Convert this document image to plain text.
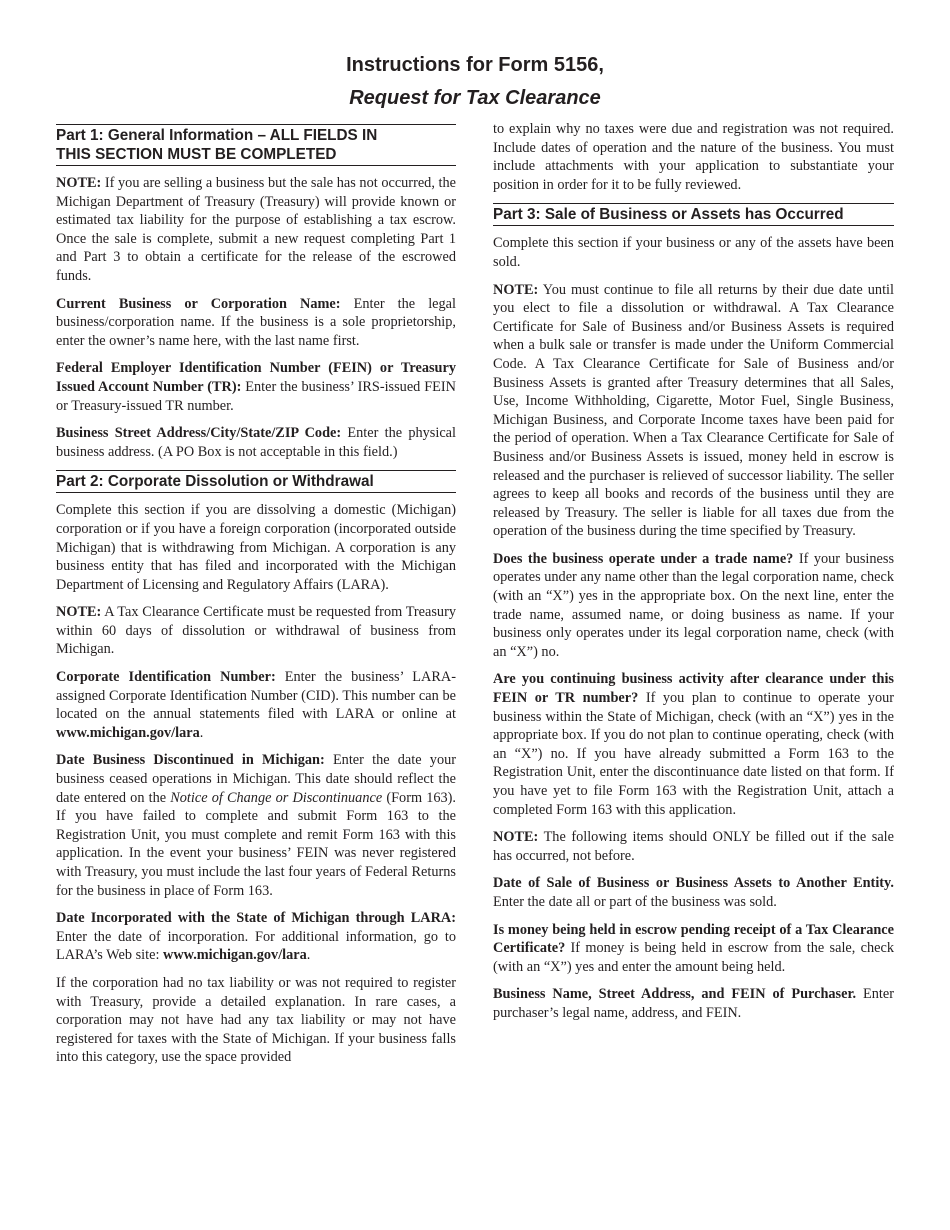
Instructions for Form 5156,
Request for Tax Clearance
Part 1: General Information – ALL FIELDS IN
THIS SECTION MUST BE COMPLETED

NOTE: If you are selling a business but the sale has not occurred, the Michigan Department of Treasury (Treasury) will provide known or estimated tax liability for the purpose of establishing a tax escrow. Once the sale is complete, submit a new request completing Part 1 and Part 3 to obtain a certificate for the release of the escrowed funds.

Current Business or Corporation Name: Enter the legal business/corporation name. If the business is a sole proprietorship, enter the owner’s name here, with the last name first.

Federal Employer Identification Number (FEIN) or Treasury Issued Account Number (TR): Enter the business’ IRS-issued FEIN or Treasury-issued TR number.

Business Street Address/City/State/ZIP Code: Enter the physical business address. (A PO Box is not acceptable in this field.)

Part 2: Corporate Dissolution or Withdrawal

Complete this section if you are dissolving a domestic (Michigan) corporation or if you have a foreign corporation (incorporated outside Michigan) that is withdrawing from Michigan. A corporation is any business entity that has filed and incorporated with the Michigan Department of Licensing and Regulatory Affairs (LARA).

NOTE: A Tax Clearance Certificate must be requested from Treasury within 60 days of dissolution or withdrawal of business from Michigan.

Corporate Identification Number: Enter the business’ LARA-assigned Corporate Identification Number (CID). This number can be located on the annual statements filed with LARA or online at www.michigan.gov/lara.

Date Business Discontinued in Michigan: Enter the date your business ceased operations in Michigan. This date should reflect the date entered on the Notice of Change or Discontinuance (Form 163). If you have failed to complete and submit Form 163 to the Registration Unit, you must complete and remit Form 163 with this application. In the event your business’ FEIN was never registered with Treasury, you must include the last four years of Federal Returns for the business in place of Form 163.

Date Incorporated with the State of Michigan through LARA: Enter the date of incorporation. For additional information, go to LARA’s Web site: www.michigan.gov/lara.

If the corporation had no tax liability or was not required to register with Treasury, provide a detailed explanation. In rare cases, a corporation may not have had any tax liability or may not have registered for taxes with the State of Michigan. If your business falls into this category, use the space provided

to explain why no taxes were due and registration was not required. Include dates of operation and the nature of the business. You must include attachments with your application to substantiate your position in order for it to be fully reviewed.

Part 3: Sale of Business or Assets has Occurred

Complete this section if your business or any of the assets have been sold.

NOTE: You must continue to file all returns by their due date until you elect to file a dissolution or withdrawal. A Tax Clearance Certificate for Sale of Business and/or Business Assets is required when a bulk sale or transfer is made under the Uniform Commercial Code. A Tax Clearance Certificate for Sale of Business and/or Business Assets is granted after Treasury determines that all Sales, Use, Income Withholding, Cigarette, Motor Fuel, Single Business, Michigan Business, and Corporate Income taxes have been paid for the period of operation. When a Tax Clearance Certificate for Sale of Business and/or Business Assets is issued, money held in escrow is released and the purchaser is relieved of successor liability. The seller agrees to keep all books and records of the business until they are released by Treasury. The seller is liable for all taxes due from the operation of the business during the time specified by Treasury.

Does the business operate under a trade name? If your business operates under any name other than the legal corporation name, check (with an “X”) yes in the appropriate box. On the next line, enter the trade name, assumed name, or doing business as name. If your business only operates under its legal corporation name, check (with an “X”) no.

Are you continuing business activity after clearance under this FEIN or TR number? If you plan to continue to operate your business within the State of Michigan, check (with an “X”) yes in the appropriate box. If you do not plan to continue operating, check (with an “X”) no. If you have already submitted a Form 163 to the Registration Unit, enter the discontinuance date listed on that form. If you have yet to file Form 163 with the Registration Unit, attach a completed Form 163 with this application.

NOTE: The following items should ONLY be filled out if the sale has occurred, not before.

Date of Sale of Business or Business Assets to Another Entity. Enter the date all or part of the business was sold.

Is money being held in escrow pending receipt of a Tax Clearance Certificate? If money is being held in escrow from the sale, check (with an “X”) yes and enter the amount being held.

Business Name, Street Address, and FEIN of Purchaser. Enter purchaser’s legal name, address, and FEIN.
